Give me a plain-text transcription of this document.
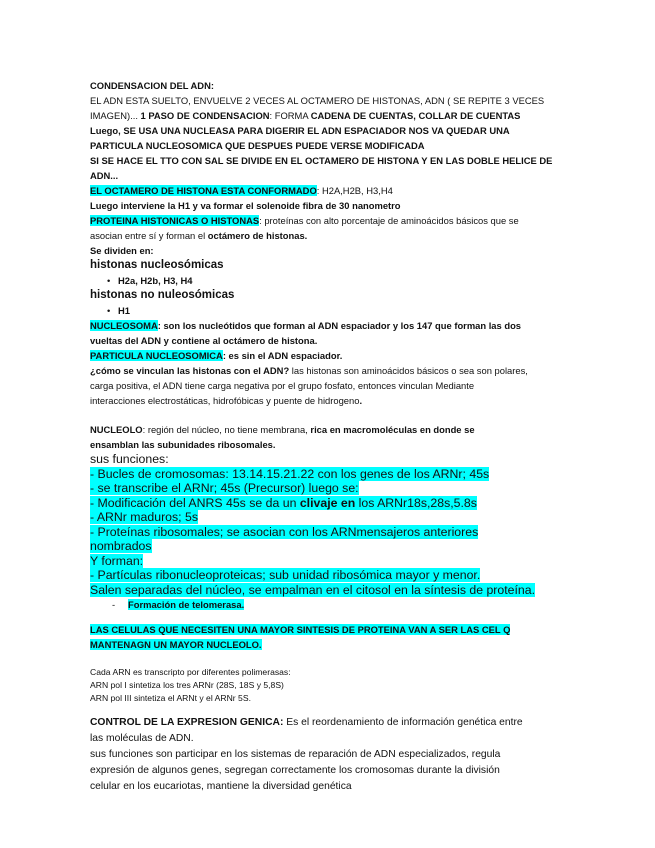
CONDENSACION DEL ADN:

EL ADN ESTA SUELTO, ENVUELVE 2 VECES AL OCTAMERO DE HISTONAS, ADN ( SE REPITE 3 VECES

IMAGEN)... 1 PASO DE CONDENSACION: FORMA CADENA DE CUENTAS, COLLAR DE CUENTAS

Luego, SE USA UNA NUCLEASA PARA DIGERIR EL ADN ESPACIADOR NOS VA QUEDAR UNA

PARTICULA NUCLEOSOMICA QUE DESPUES PUEDE VERSE MODIFICADA

SI SE HACE EL TTO CON SAL SE DIVIDE EN EL OCTAMERO DE HISTONA Y EN LAS DOBLE HELICE DE

ADN...

EL OCTAMERO DE HISTONA ESTA CONFORMADO: H2A,H2B, H3,H4

Luego interviene la H1 y va formar el solenoide fibra de 30 nanometro

PROTEINA HISTONICAS O HISTONAS: proteínas con alto porcentaje de aminoácidos básicos que se

asocian entre sí y forman el octámero de histonas.

Se dividen en:

histonas nucleosómicas

• H2a, H2b, H3, H4

histonas no nuleosómicas

• H1

NUCLEOSOMA: son los nucleótidos que forman al ADN espaciador y los 147 que forman las dos

vueltas del ADN y contiene al octámero de histona.

PARTICULA NUCLEOSOMICA: es sin el ADN espaciador.

¿cómo se vinculan las histonas con el ADN? las histonas son aminoácidos básicos o sea son polares,

carga positiva, el ADN tiene carga negativa por el grupo fosfato, entonces vinculan Mediante

interacciones electrostáticas, hidrofóbicas y puente de hidrogeno.

NUCLEOLO: región del núcleo, no tiene membrana, rica en macromoléculas en donde se

ensamblan las subunidades ribosomales.

sus funciones:

- Bucles de cromosomas: 13.14.15.21.22 con los genes de los ARNr; 45s

- se transcribe el ARNr; 45s (Precursor) luego se:

- Modificación del ANRS 45s se da un clivaje en los ARNr18s,28s,5.8s

- ARNr maduros; 5s

- Proteínas ribosomales; se asocian con los ARNmensajeros anteriores

nombrados

Y forman:

- Partículas ribonucleoproteicas; sub unidad ribosómica mayor y menor.

Salen separadas del núcleo, se empalman en el citosol en la síntesis de proteína.

- Formación de telomerasa.

LAS CELULAS QUE NECESITEN UNA MAYOR SINTESIS DE PROTEINA VAN A SER LAS CEL Q

MANTENAGN UN MAYOR NUCLEOLO.

Cada ARN es transcripto por diferentes polimerasas:

ARN pol I sintetiza los tres ARNr (28S, 18S y 5,8S)

ARN pol III sintetiza el ARNt y el ARNr 5S.

CONTROL DE LA EXPRESION GENICA: Es el reordenamiento de información genética entre

las moléculas de ADN.

sus funciones son participar en los sistemas de reparación de ADN especializados, regula

expresión de algunos genes, segregan correctamente los cromosomas durante la división

celular en los eucariotas, mantiene la diversidad genética
